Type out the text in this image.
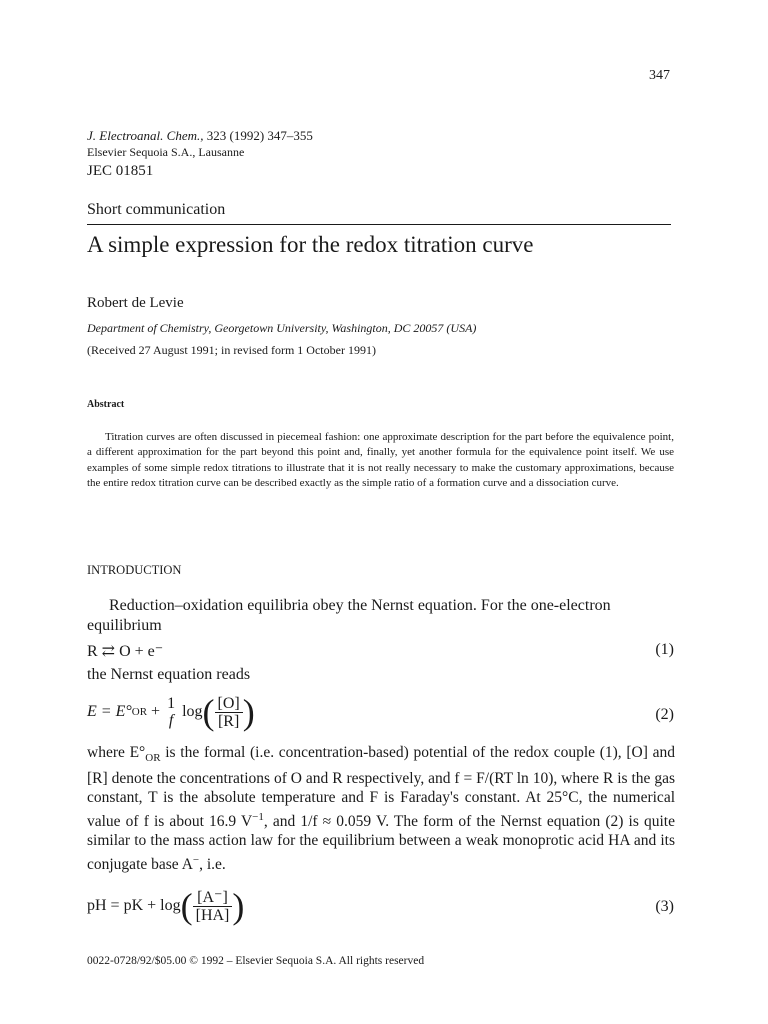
347
J. Electroanal. Chem., 323 (1992) 347–355
Elsevier Sequoia S.A., Lausanne
JEC 01851
Short communication
A simple expression for the redox titration curve
Robert de Levie
Department of Chemistry, Georgetown University, Washington, DC 20057 (USA)
(Received 27 August 1991; in revised form 1 October 1991)
Abstract

Titration curves are often discussed in piecemeal fashion: one approximate description for the part before the equivalence point, a different approximation for the part beyond this point and, finally, yet another formula for the equivalence point itself. We use examples of some simple redox titrations to illustrate that it is not really necessary to make the customary approximations, because the entire redox titration curve can be described exactly as the simple ratio of a formation curve and a dissociation curve.

INTRODUCTION
Reduction–oxidation equilibria obey the Nernst equation. For the one-electron
equilibrium
R ⇄ O + e⁻	(1)
the Nernst equation reads
E = E° OR + 1
f
log ( $\frac{[O]}{[R]}$ )	(2)

where $E^\circ_{OR}$ is the formal (i.e. concentration-based) potential of the redox couple (1), [O] and [R] denote the concentrations of O and R respectively, and f = F/(RT ln 10), where R is the gas constant, T is the absolute temperature and F is Faraday's constant. At 25°C, the numerical value of f is about 16.9 $V^{-1}$, and 1/f ≈ 0.059 V. The form of the Nernst equation (2) is quite similar to the mass action law for the equilibrium between a weak monoprotic acid HA and its conjugate base A−, i.e.

pH = pK + log ( $\frac{[A^-]}{[HA]}$ )	(3)
0022-0728/92/$05.00 © 1992 – Elsevier Sequoia S.A. All rights reserved
